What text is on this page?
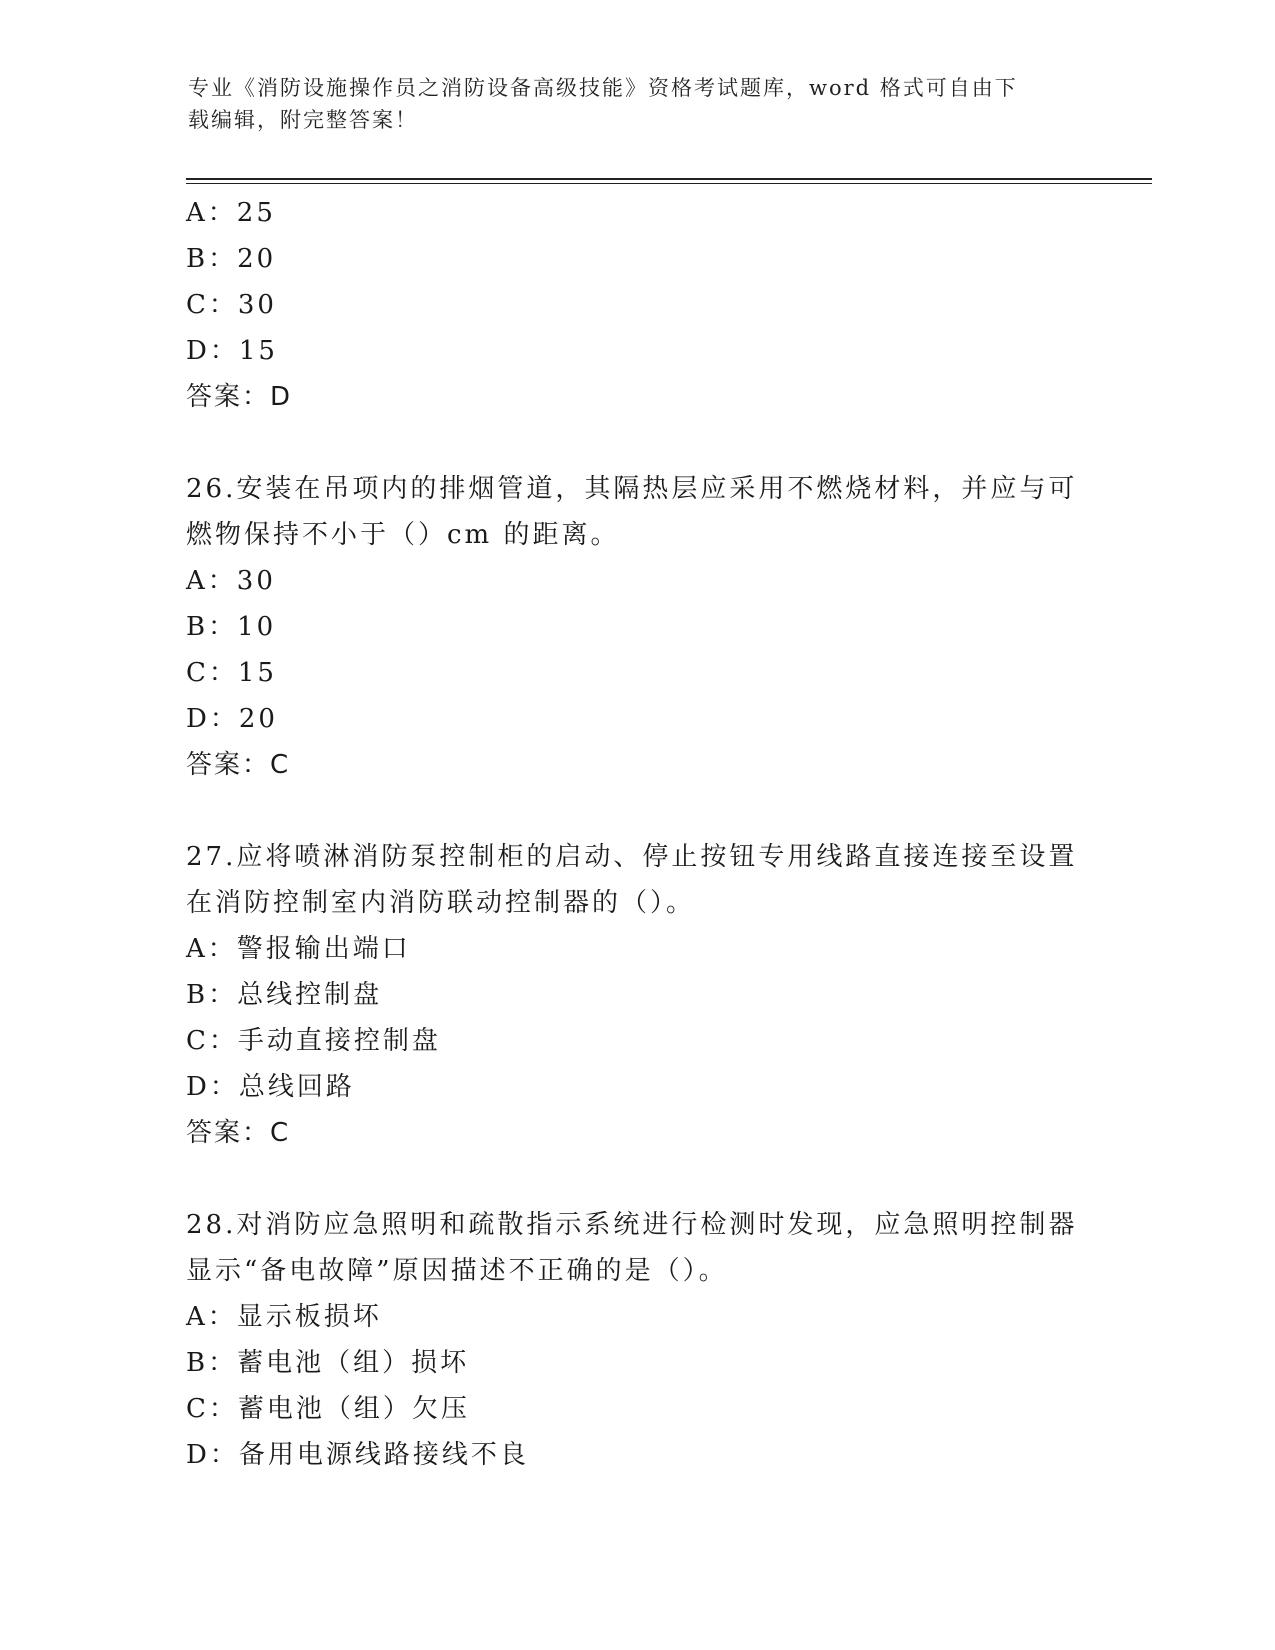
专业《消防设施操作员之消防设备高级技能》资格考试题库，word 格式可自由下
载编辑，附完整答案！
A：25
B：20
C：30
D：15
答案：D
26.安装在吊项内的排烟管道，其隔热层应采用不燃烧材料，并应与可
燃物保持不小于（）cm 的距离。
A：30
B：10
C：15
D：20
答案：C
27.应将喷淋消防泵控制柜的启动、停止按钮专用线路直接连接至设置
在消防控制室内消防联动控制器的（）。
A：警报输出端口
B：总线控制盘
C：手动直接控制盘
D：总线回路
答案：C
28.对消防应急照明和疏散指示系统进行检测时发现，应急照明控制器
显示“备电故障”原因描述不正确的是（）。
A：显示板损坏
B：蓄电池（组）损坏
C：蓄电池（组）欠压
D：备用电源线路接线不良
